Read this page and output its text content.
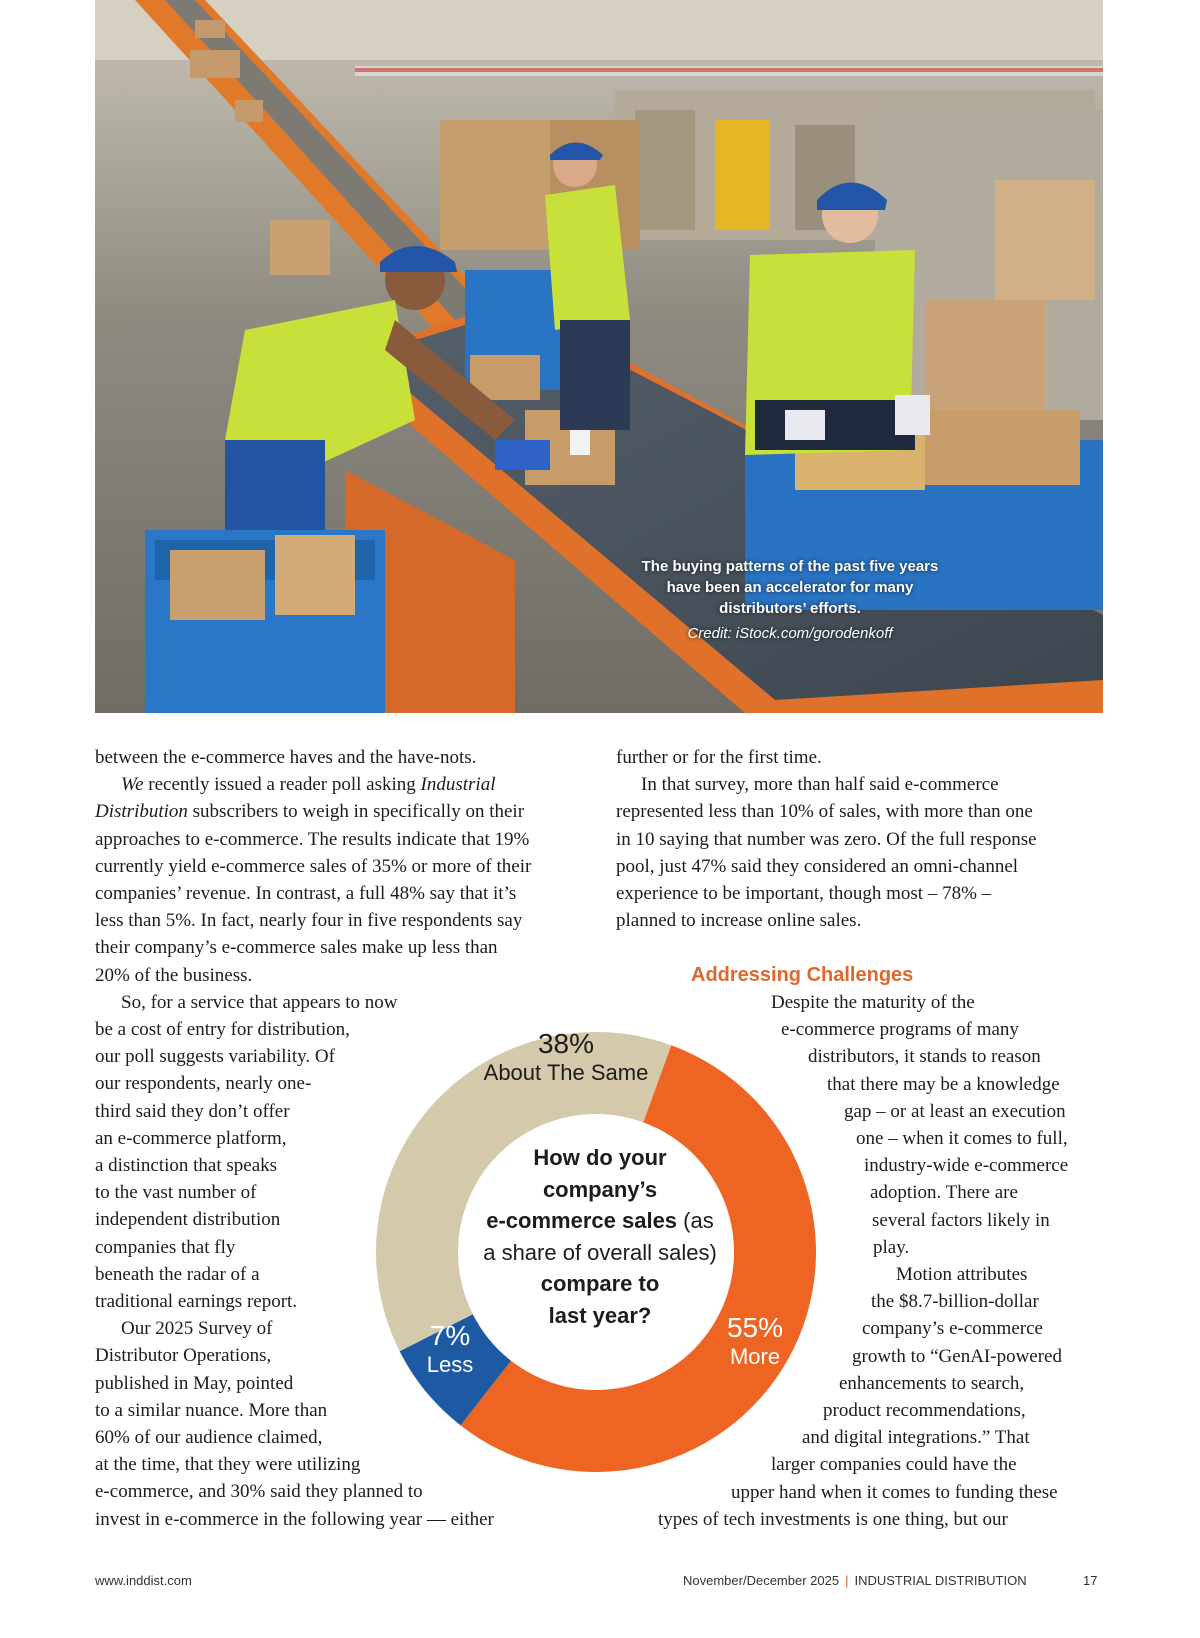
The buying patterns of the past five years have been an accelerator for many distributors’ efforts.
Credit: iStock.com/gorodenkoff
between the e-commerce haves and the have-nots.
We recently issued a reader poll asking Industrial
Distribution subscribers to weigh in specifically on their
approaches to e-commerce. The results indicate that 19%
currently yield e-commerce sales of 35% or more of their
companies’ revenue. In contrast, a full 48% say that it’s
less than 5%. In fact, nearly four in five respondents say
their company’s e-commerce sales make up less than
20% of the business.
So, for a service that appears to now
be a cost of entry for distribution,
our poll suggests variability. Of
our respondents, nearly one-
third said they don’t offer
an e-commerce platform,
a distinction that speaks
to the vast number of
independent distribution
companies that fly
beneath the radar of a
traditional earnings report.
Our 2025 Survey of
Distributor Operations,
published in May, pointed
to a similar nuance. More than
60% of our audience claimed,
at the time, that they were utilizing
e-commerce, and 30% said they planned to
invest in e-commerce in the following year — either
further or for the first time.
In that survey, more than half said e-commerce
represented less than 10% of sales, with more than one
in 10 saying that number was zero. Of the full response
pool, just 47% said they considered an omni-channel
experience to be important, though most – 78% –
planned to increase online sales.
Addressing Challenges
Despite the maturity of the
e-commerce programs of many
distributors, it stands to reason
that there may be a knowledge
gap – or at least an execution
one – when it comes to full,
industry-wide e-commerce
adoption. There are
several factors likely in
play.
Motion attributes
the $8.7-billion-dollar
company’s e-commerce
growth to “GenAI-powered
enhancements to search,
product recommendations,
and digital integrations.” That
larger companies could have the
upper hand when it comes to funding these
types of tech investments is one thing, but our
How do your
company’s
e-commerce sales (as
a share of overall sales)
compare to
last year?
38%
About The Same
7%
Less
55%
More
www.inddist.com	November/December 2025 | INDUSTRIAL DISTRIBUTION	17
